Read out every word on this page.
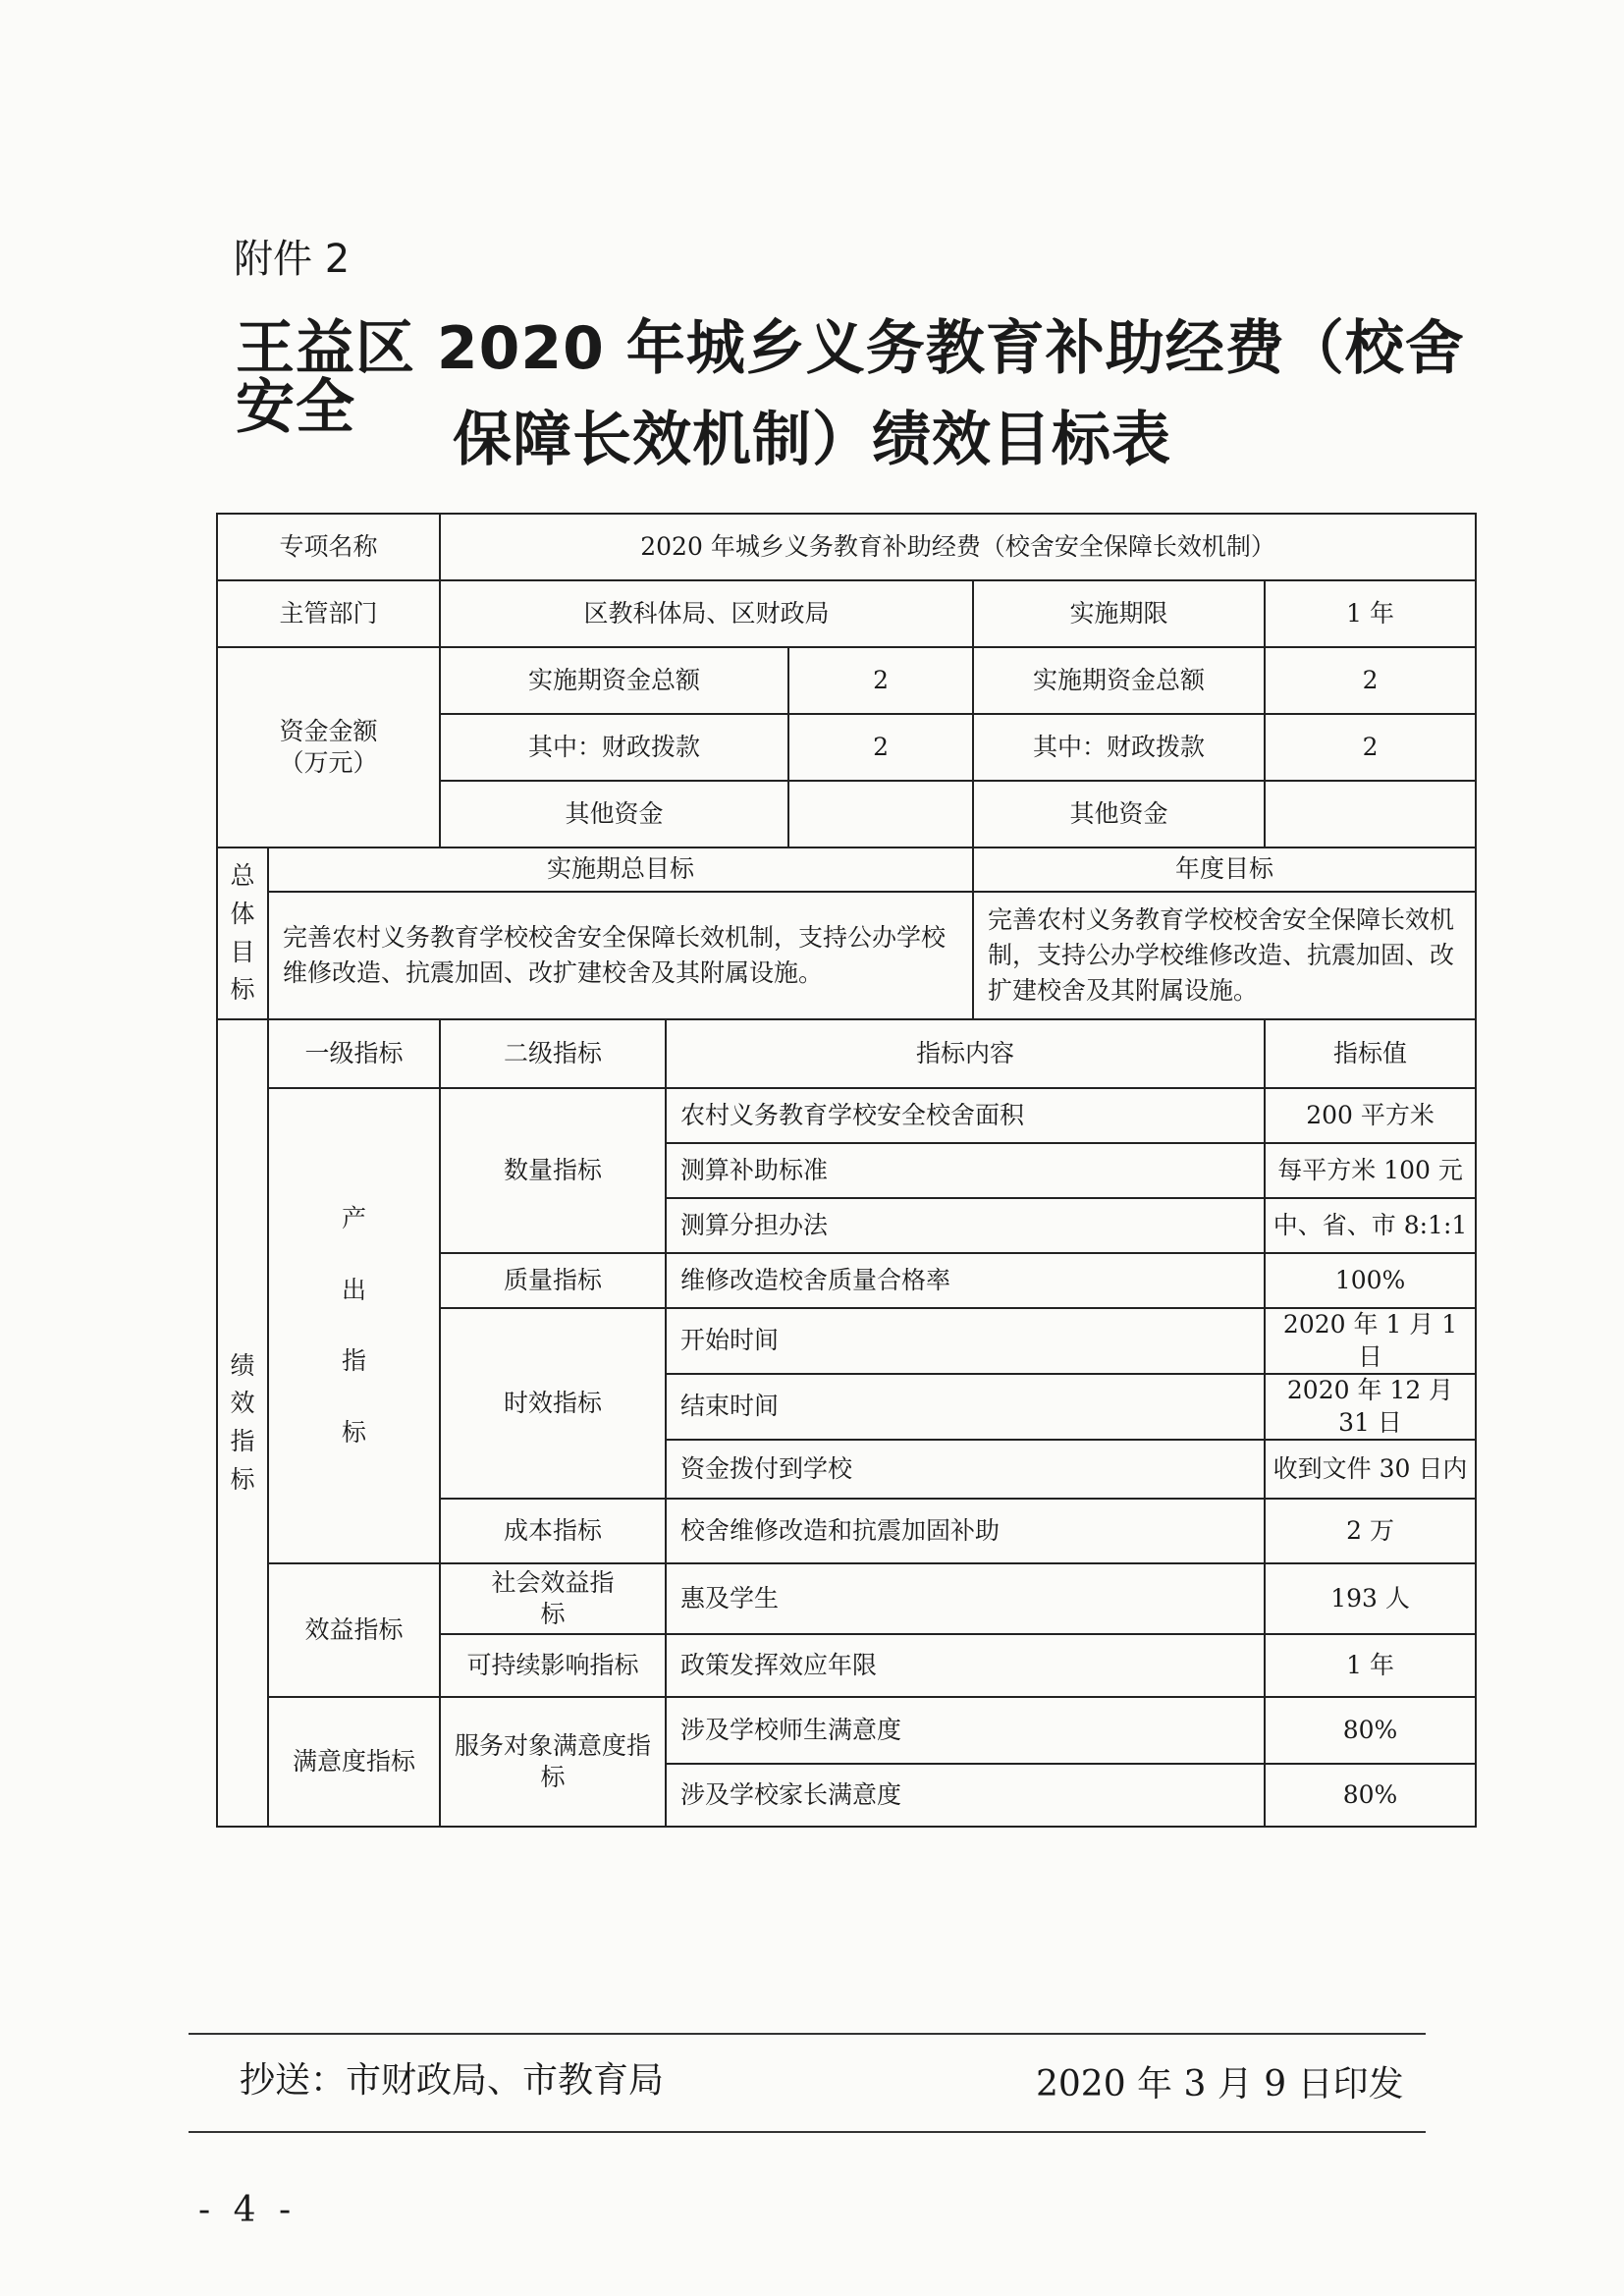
附件 2
王益区 2020 年城乡义务教育补助经费（校舍安全	保障长效机制）绩效目标表
专项名称		2020 年城乡义务教育补助经费（校舍安全保障长效机制）				
主管部门		区教科体局、区财政局			实施期限	1 年
资金金额（万元）		实施期资金总额		2	实施期资金总额	2
		其中：财政拨款		2	其中：财政拨款	2
		其他资金			其他资金	
总体目标	实施期总目标				年度目标	
	完善农村义务教育学校校舍安全保障长效机制，支持公办学校维修改造、抗震加固、改扩建校舍及其附属设施。				完善农村义务教育学校校舍安全保障长效机制，支持公办学校维修改造、抗震加固、改扩建校舍及其附属设施。	
绩效指标	一级指标	二级指标	指标内容			指标值
	产出指标	数量指标	农村义务教育学校安全校舍面积			200 平方米
			测算补助标准			每平方米 100 元
			测算分担办法			中、省、市 8:1:1
		质量指标	维修改造校舍质量合格率			100%
		时效指标	开始时间			2020 年 1 月 1 日
			结束时间			2020 年 12 月 31 日
			资金拨付到学校			收到文件 30 日内
		成本指标	校舍维修改造和抗震加固补助			2 万
	效益指标	社会效益指标	惠及学生			193 人
		可持续影响指标	政策发挥效应年限			1 年
	满意度指标	服务对象满意度指标	涉及学校师生满意度			80%
			涉及学校家长满意度			80%
抄送：市财政局、市教育局	2020 年 3 月 9 日印发
- 4 -
